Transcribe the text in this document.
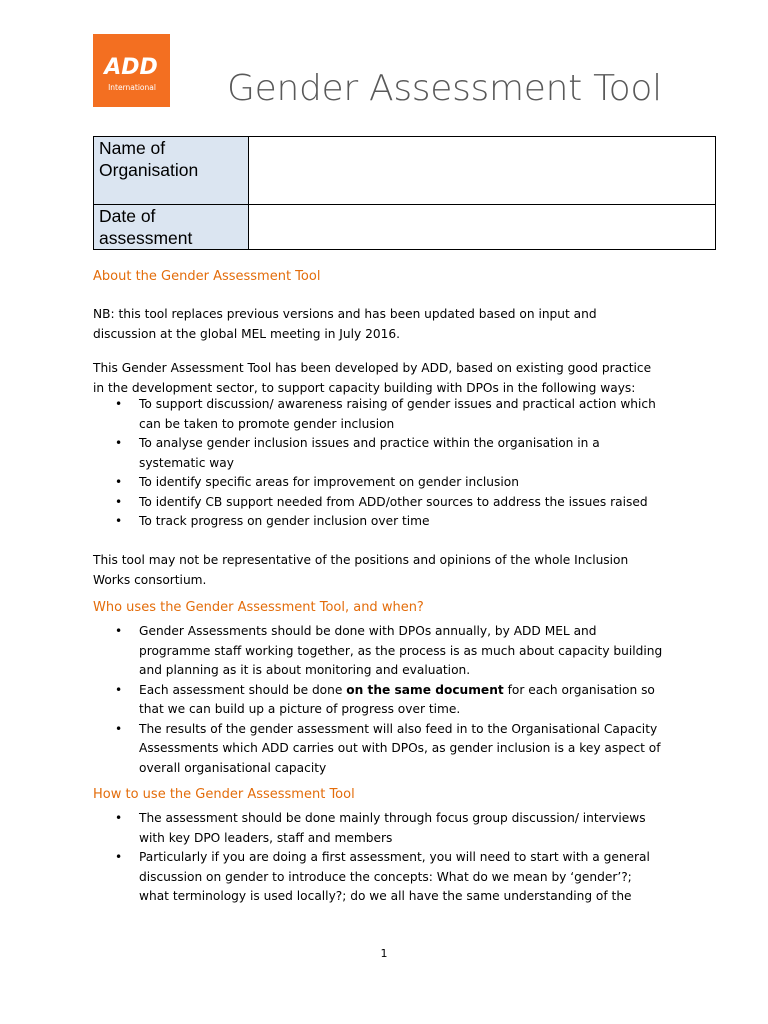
ADD
International Gender Assessment Tool
Name of
Organisation	

Date of
assessment	

About the Gender Assessment Tool
NB: this tool replaces previous versions and has been updated based on input and
discussion at the global MEL meeting in July 2016.
This Gender Assessment Tool has been developed by ADD, based on existing good practice
in the development sector, to support capacity building with DPOs in the following ways:
• To support discussion/ awareness raising of gender issues and practical action which
can be taken to promote gender inclusion
• To analyse gender inclusion issues and practice within the organisation in a
systematic way
• To identify specific areas for improvement on gender inclusion
• To identify CB support needed from ADD/other sources to address the issues raised
• To track progress on gender inclusion over time
This tool may not be representative of the positions and opinions of the whole Inclusion
Works consortium.
Who uses the Gender Assessment Tool, and when?
• Gender Assessments should be done with DPOs annually, by ADD MEL and
programme staff working together, as the process is as much about capacity building
and planning as it is about monitoring and evaluation.
• Each assessment should be done on the same document for each organisation so
that we can build up a picture of progress over time.
• The results of the gender assessment will also feed in to the Organisational Capacity
Assessments which ADD carries out with DPOs, as gender inclusion is a key aspect of
overall organisational capacity
How to use the Gender Assessment Tool
• The assessment should be done mainly through focus group discussion/ interviews
with key DPO leaders, staff and members
• Particularly if you are doing a first assessment, you will need to start with a general
discussion on gender to introduce the concepts: What do we mean by ‘gender’?;
what terminology is used locally?; do we all have the same understanding of the
1
